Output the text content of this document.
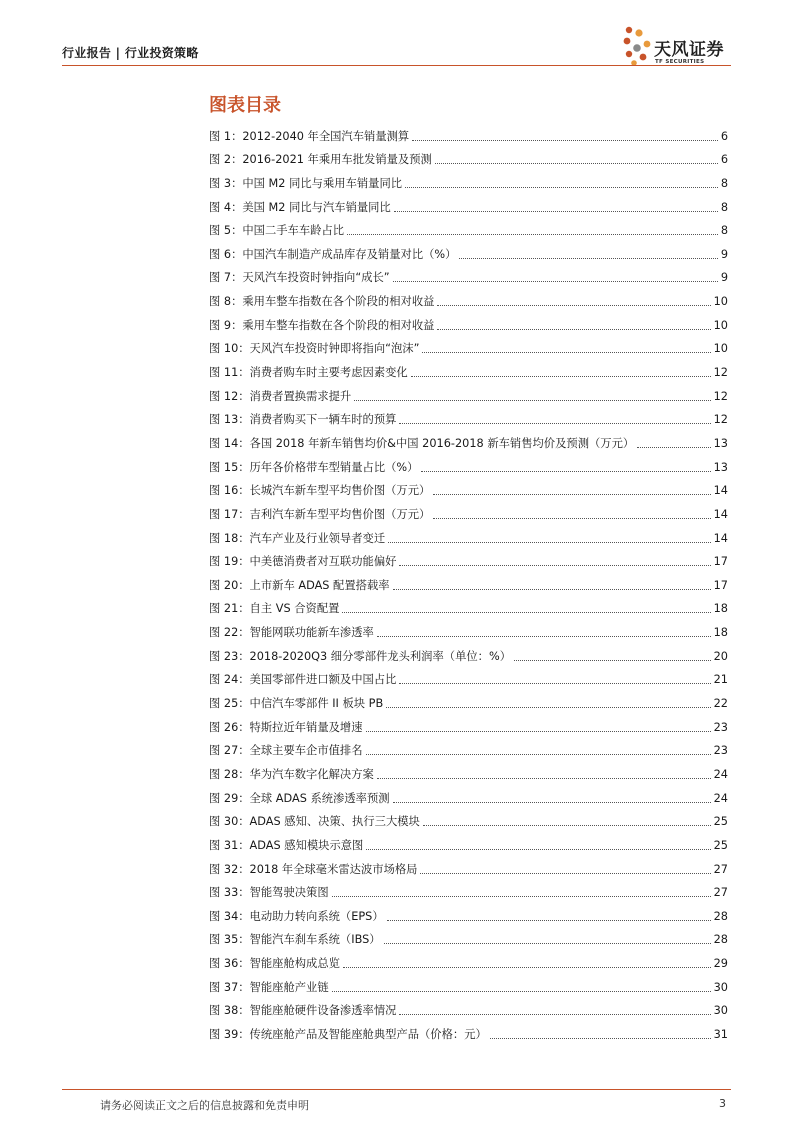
行业报告 | 行业投资策略	天风证券
TF SECURITIES
图表目录
图 1：2012-2040 年全国汽车销量测算	6
图 2：2016-2021 年乘用车批发销量及预测	6
图 3：中国 M2 同比与乘用车销量同比	8
图 4：美国 M2 同比与汽车销量同比	8
图 5：中国二手车车龄占比	8
图 6：中国汽车制造产成品库存及销量对比（%）	9
图 7：天风汽车投资时钟指向“成长”	9
图 8：乘用车整车指数在各个阶段的相对收益	10
图 9：乘用车整车指数在各个阶段的相对收益	10
图 10：天风汽车投资时钟即将指向“泡沫”	10
图 11：消费者购车时主要考虑因素变化	12
图 12：消费者置换需求提升	12
图 13：消费者购买下一辆车时的预算	12
图 14：各国 2018 年新车销售均价&中国 2016-2018 新车销售均价及预测（万元）	13
图 15：历年各价格带车型销量占比（%）	13
图 16：长城汽车新车型平均售价图（万元）	14
图 17：吉利汽车新车型平均售价图（万元）	14
图 18：汽车产业及行业领导者变迁	14
图 19：中美德消费者对互联功能偏好	17
图 20：上市新车 ADAS 配置搭载率	17
图 21：自主 VS 合资配置	18
图 22：智能网联功能新车渗透率	18
图 23：2018-2020Q3 细分零部件龙头利润率（单位：%）	20
图 24：美国零部件进口额及中国占比	21
图 25：中信汽车零部件 II 板块 PB	22
图 26：特斯拉近年销量及增速	23
图 27：全球主要车企市值排名	23
图 28：华为汽车数字化解决方案	24
图 29：全球 ADAS 系统渗透率预测	24
图 30：ADAS 感知、决策、执行三大模块	25
图 31：ADAS 感知模块示意图	25
图 32：2018 年全球毫米雷达波市场格局	27
图 33：智能驾驶决策图	27
图 34：电动助力转向系统（EPS）	28
图 35：智能汽车刹车系统（IBS）	28
图 36：智能座舱构成总览	29
图 37：智能座舱产业链	30
图 38：智能座舱硬件设备渗透率情况	30
图 39：传统座舱产品及智能座舱典型产品（价格：元）	31
请务必阅读正文之后的信息披露和免责申明	3
